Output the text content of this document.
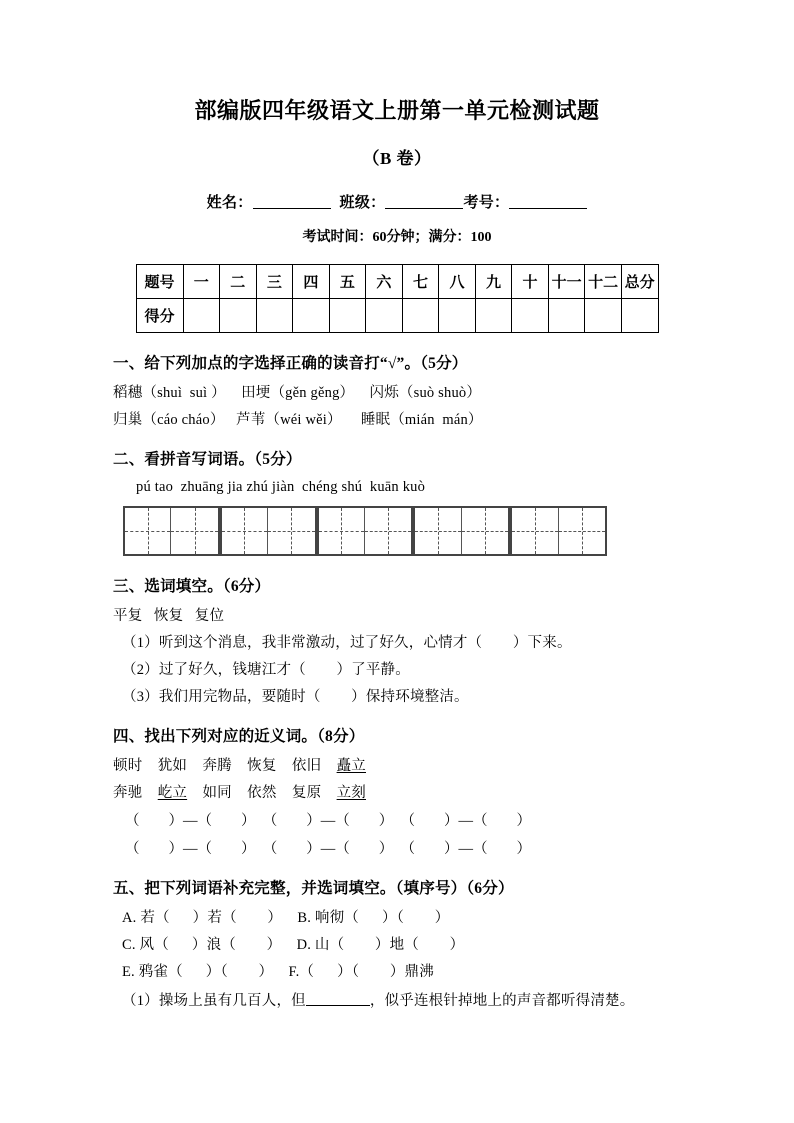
部编版四年级语文上册第一单元检测试题
（B 卷）
姓名：	班级：	考号：
考试时间：60分钟；满分：100
题号	一	二	三	四	五	六	七	八	九	十	十一	十二	总分
得分													
一、给下列加点的字选择正确的读音打“√”。（5分）
稻穗（shuì  suì ）    田埂（gěn gěng）    闪烁（suò shuò）
归巢（cáo cháo）   芦苇（wéi wěi）     睡眠（mián  mán）
二、看拼音写词语。（5分）
pú tao  zhuāng jia zhú jiàn  chéng shú  kuān kuò
三、选词填空。（6分）
平复   恢复   复位
（1）听到这个消息，我非常激动，过了好久，心情才（        ）下来。
（2）过了好久，钱塘江才（        ）了平静。
（3）我们用完物品，要随时（        ）保持环境整洁。
四、找出下列对应的近义词。（8分）
顿时 犹如 奔腾 恢复 依旧 矗立
奔驰 屹立 如同 依然 复原 立刻
（        ）—（        ）  （        ）—（        ）  （        ）—（        ）
（        ）—（        ）  （        ）—（        ）  （        ）—（        ）
五、把下列词语补充完整，并选词填空。（填序号）（6分）
A. 若（      ）若（        ）    B. 响彻（      ）（        ）
C. 风（      ）浪（        ）    D. 山（        ）地（        ）
E. 鸦雀（      ）（        ）    F.（      ）（        ）鼎沸
（1）操场上虽有几百人，但	，似乎连根针掉地上的声音都听得清楚。
